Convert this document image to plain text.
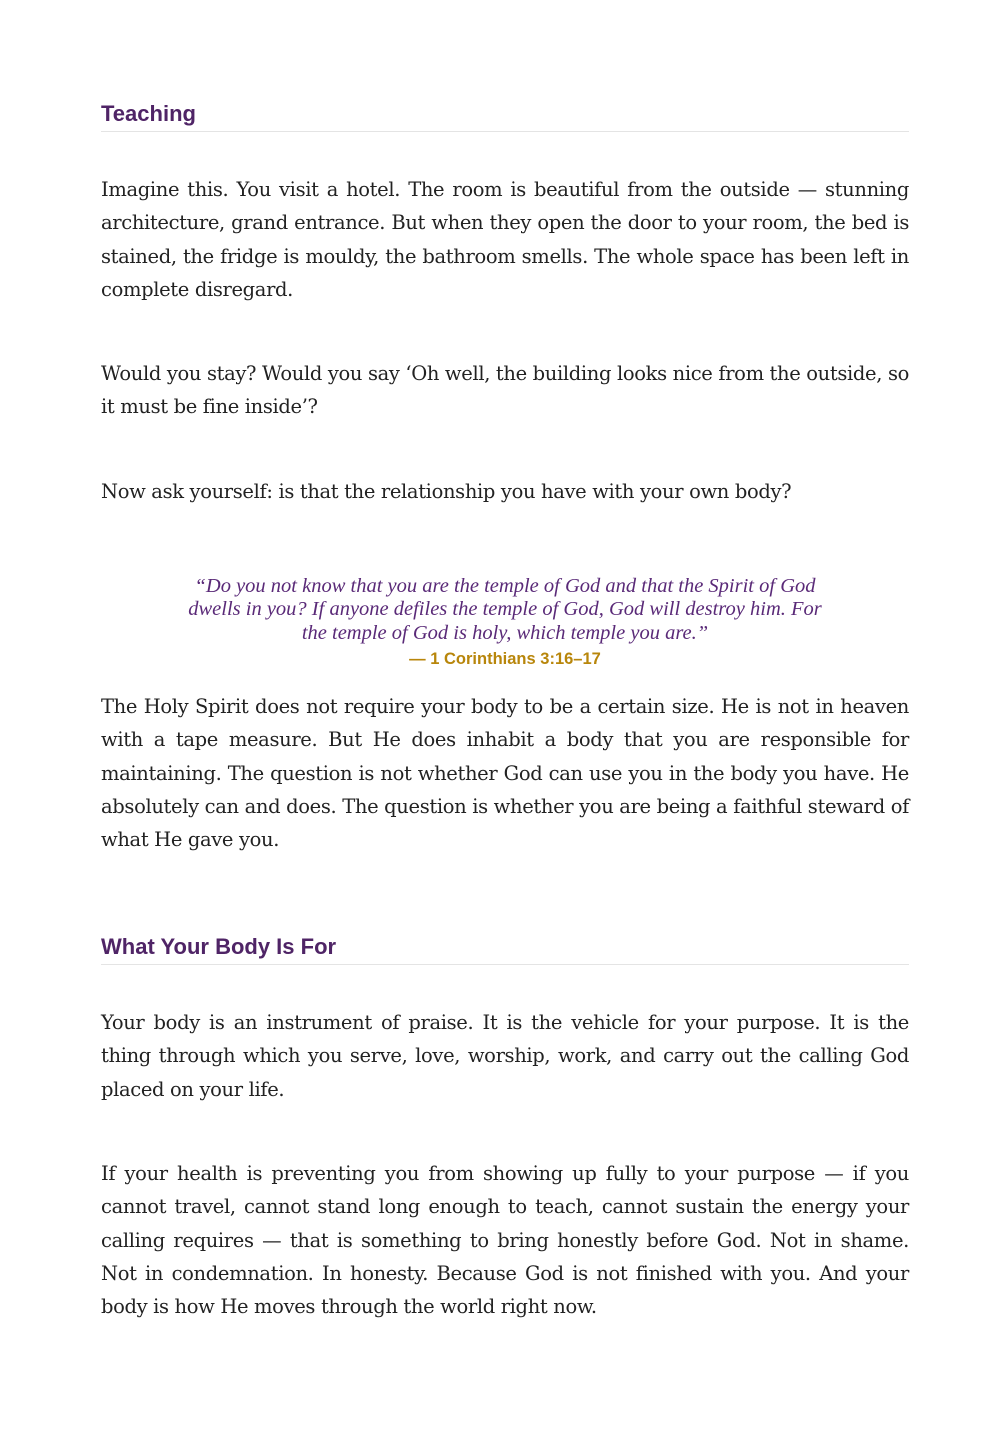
Teaching

Imagine this. You visit a hotel. The room is beautiful from the outside — stunning architecture, grand entrance. But when they open the door to your room, the bed is stained, the fridge is mouldy, the bathroom smells. The whole space has been left in complete disregard.

Would you stay? Would you say ‘Oh well, the building looks nice from the outside, so it must be fine inside’?

Now ask yourself: is that the relationship you have with your own body?

“Do you not know that you are the temple of God and that the Spirit of God dwells in you? If anyone defiles the temple of God, God will destroy him. For the temple of God is holy, which temple you are.”

— 1 Corinthians 3:16–17

The Holy Spirit does not require your body to be a certain size. He is not in heaven with a tape measure. But He does inhabit a body that you are responsible for maintaining. The question is not whether God can use you in the body you have. He absolutely can and does. The question is whether you are being a faithful steward of what He gave you.

What Your Body Is For

Your body is an instrument of praise. It is the vehicle for your purpose. It is the thing through which you serve, love, worship, work, and carry out the calling God placed on your life.

If your health is preventing you from showing up fully to your purpose — if you cannot travel, cannot stand long enough to teach, cannot sustain the energy your calling requires — that is something to bring honestly before God. Not in shame. Not in condemnation. In honesty. Because God is not finished with you. And your body is how He moves through the world right now.
